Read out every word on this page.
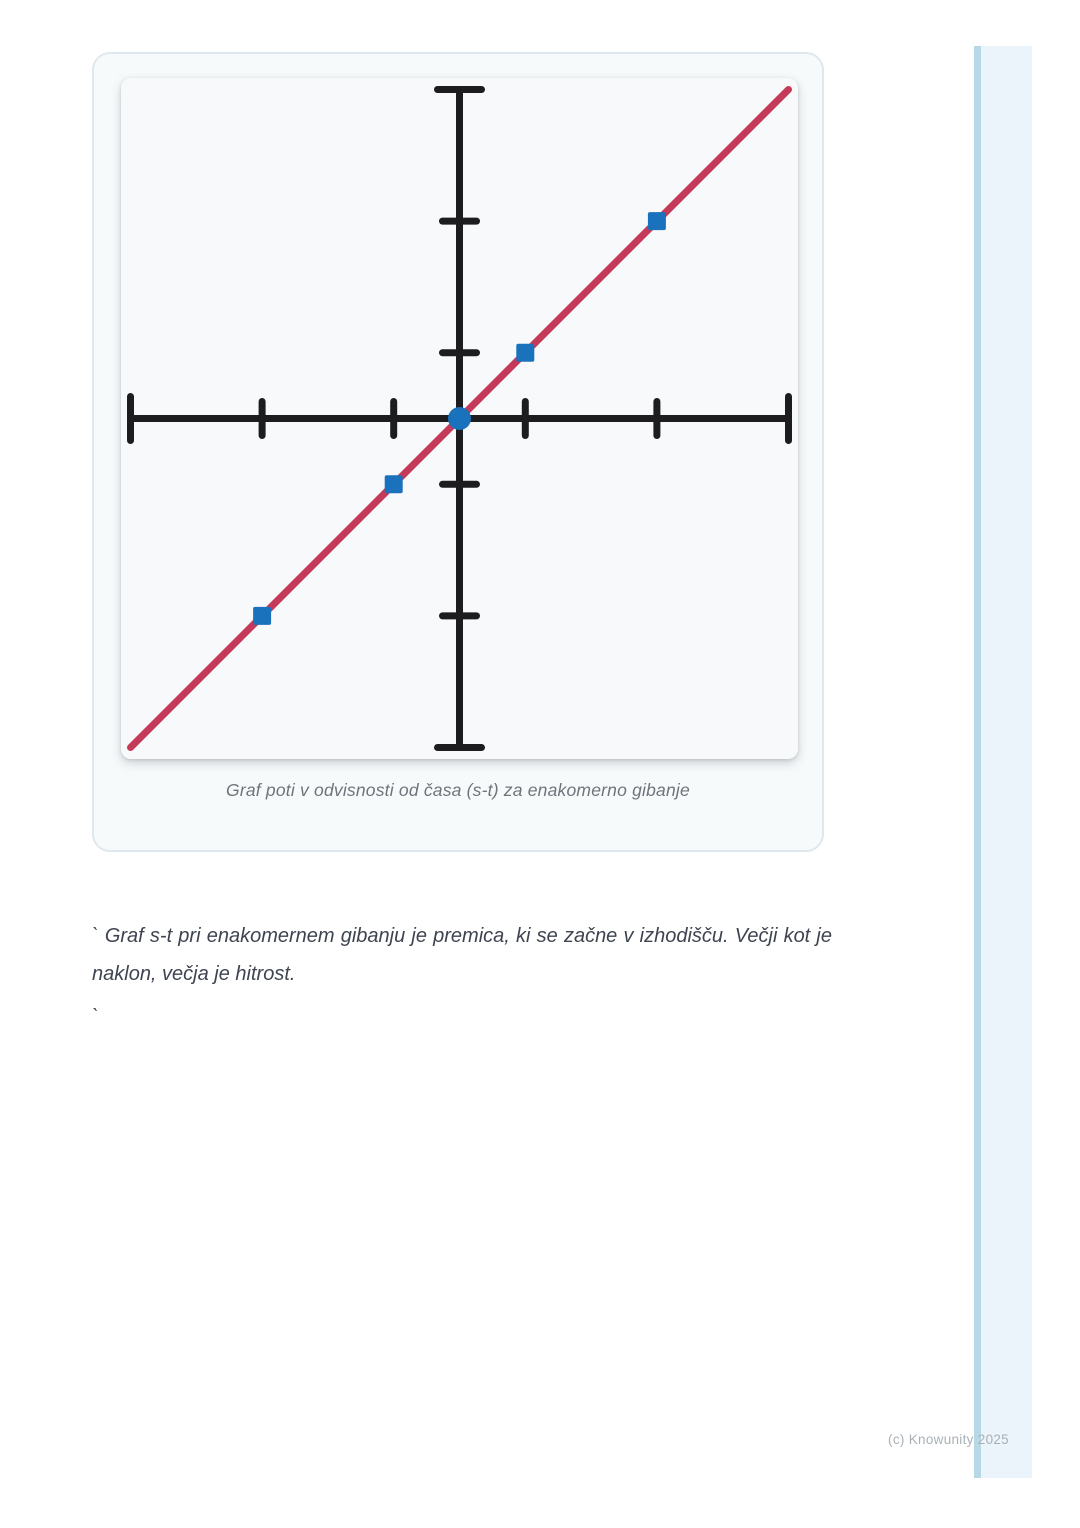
Graf poti v odvisnosti od časa (s-t) za enakomerno gibanje

` Graf s-t pri enakomernem gibanju je premica, ki se začne v izhodišču. Večji kot je naklon, večja je hitrost.

`

(c) Knowunity 2025
